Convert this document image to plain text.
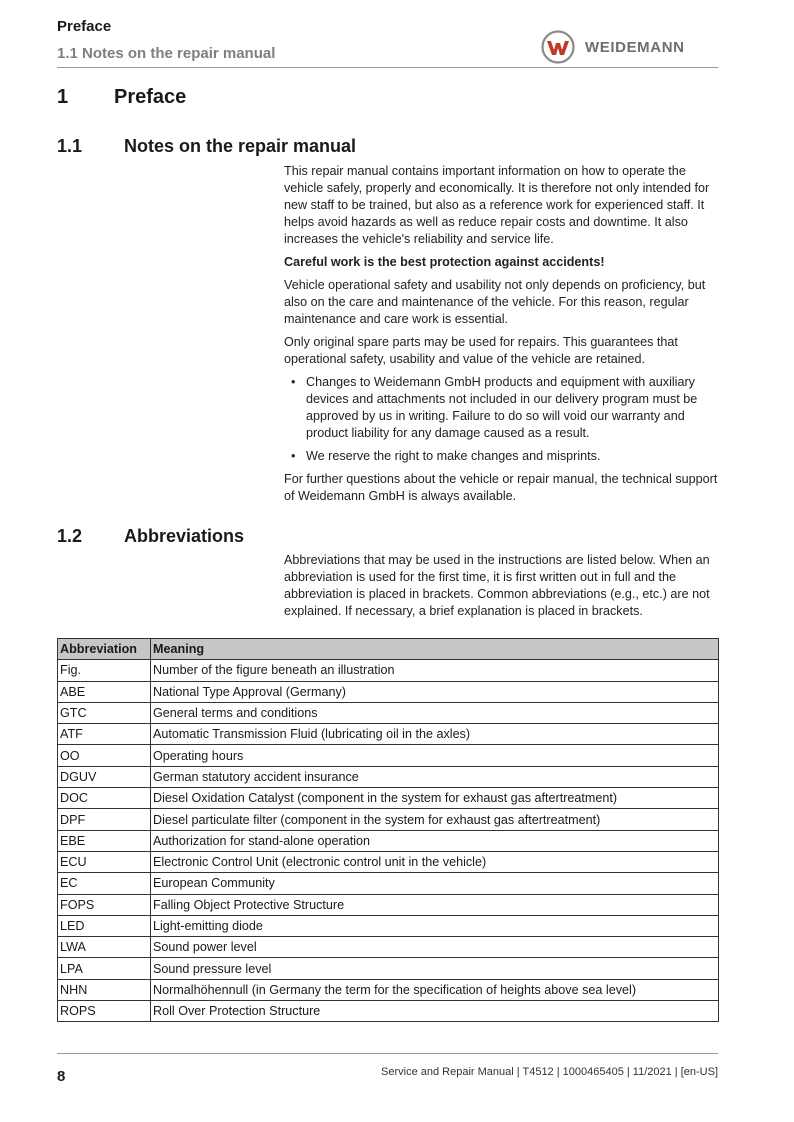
Preface
1.1 Notes on the repair manual	WEIDEMANN
1 Preface
1.1 Notes on the repair manual

This repair manual contains important information on how to operate the vehicle safely, properly and economically. It is therefore not only intended for new staff to be trained, but also as a reference work for experienced staff. It helps avoid hazards as well as reduce repair costs and downtime. It also increases the vehicle's reliability and service life.

Careful work is the best protection against accidents!

Vehicle operational safety and usability not only depends on proficiency, but also on the care and maintenance of the vehicle. For this reason, regular maintenance and care work is essential.

Only original spare parts may be used for repairs. This guarantees that operational safety, usability and value of the vehicle are retained.

• Changes to Weidemann GmbH products and equipment with auxiliary devices and attachments not included in our delivery program must be approved by us in writing. Failure to do so will void our warranty and product liability for any damage caused as a result.
• We reserve the right to make changes and misprints.

For further questions about the vehicle or repair manual, the technical support of Weidemann GmbH is always available.

1.2 Abbreviations

Abbreviations that may be used in the instructions are listed below. When an abbreviation is used for the first time, it is first written out in full and the abbreviation is placed in brackets. Common abbreviations (e.g., etc.) are not explained. If necessary, a brief explanation is placed in brackets.

Abbreviation	Meaning
Fig.	Number of the figure beneath an illustration
ABE	National Type Approval (Germany)
GTC	General terms and conditions
ATF	Automatic Transmission Fluid (lubricating oil in the axles)
OO	Operating hours
DGUV	German statutory accident insurance
DOC	Diesel Oxidation Catalyst (component in the system for exhaust gas aftertreatment)
DPF	Diesel particulate filter (component in the system for exhaust gas aftertreatment)
EBE	Authorization for stand-alone operation
ECU	Electronic Control Unit (electronic control unit in the vehicle)
EC	European Community
FOPS	Falling Object Protective Structure
LED	Light-emitting diode
LWA	Sound power level
LPA	Sound pressure level
NHN	Normalhöhennull (in Germany the term for the specification of heights above sea level)
ROPS	Roll Over Protection Structure
8	Service and Repair Manual | T4512 | 1000465405 | 11/2021 | [en-US]
